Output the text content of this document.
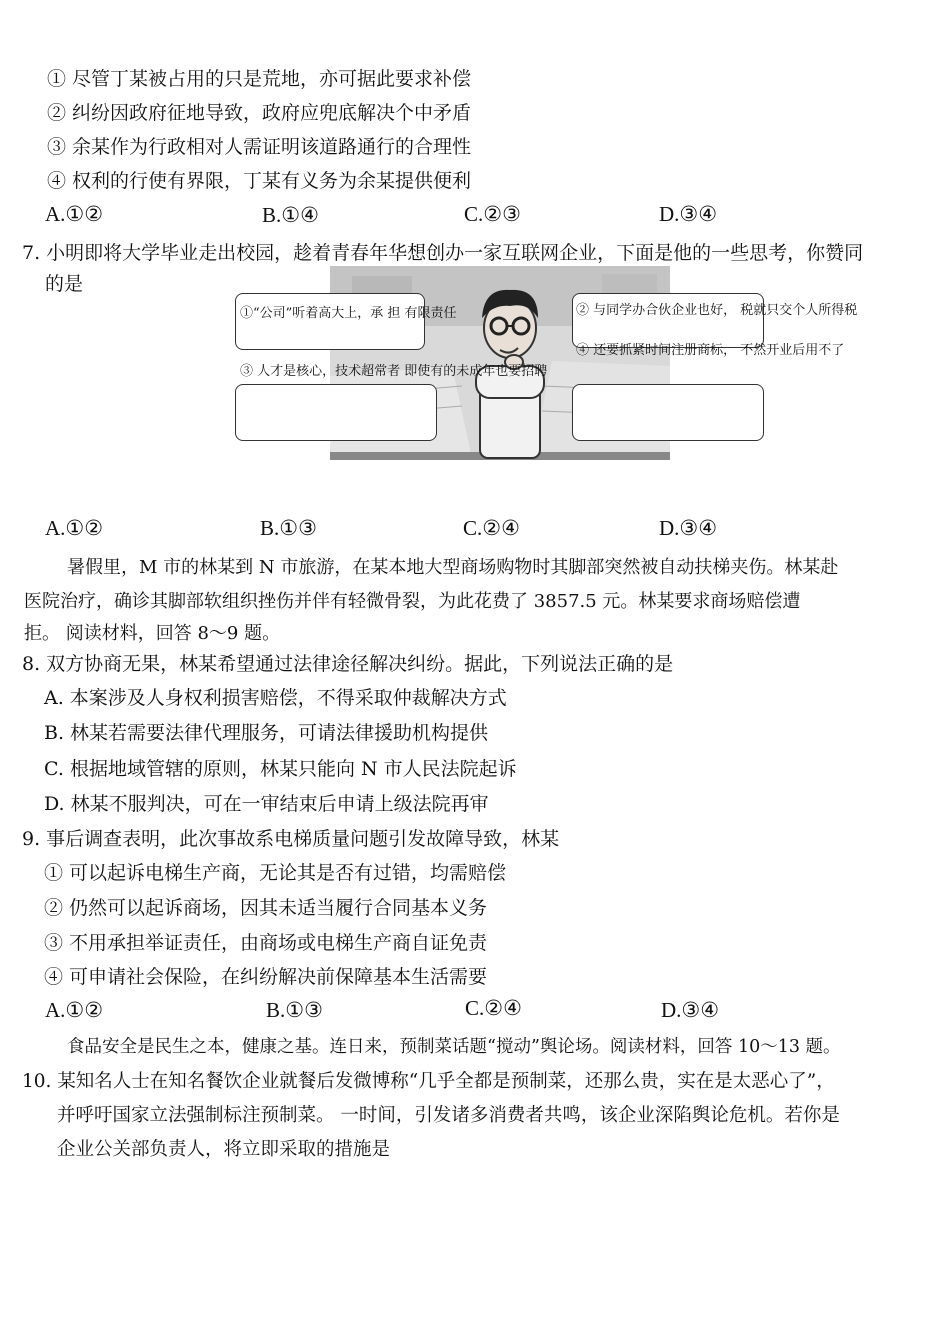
① 尽管丁某被占用的只是荒地，亦可据此要求补偿
② 纠纷因政府征地导致，政府应兜底解决个中矛盾
③ 余某作为行政相对人需证明该道路通行的合理性
④ 权利的行使有界限，丁某有义务为余某提供便利
A.①②	B.①④	C.②③	D.③④
7. 小明即将大学毕业走出校园，趁着青春年华想创办一家互联网企业，下面是他的一些思考，你赞同
的是
①“公司”听着高大上，承 担 有限责任	② 与同学办合伙企业也好， 税就只交个人所得税
③ 人才是核心，技术超常者 即使有的未成年也要招聘
④ 还要抓紧时间注册商标， 不然开业后用不了
A.①②	B.①③	C.②④	D.③④
暑假里，M 市的林某到 N 市旅游，在某本地大型商场购物时其脚部突然被自动扶梯夹伤。林某赴
医院治疗，确诊其脚部软组织挫伤并伴有轻微骨裂，为此花费了 3857.5 元。林某要求商场赔偿遭
拒。 阅读材料，回答 8～9 题。
8. 双方协商无果，林某希望通过法律途径解决纠纷。据此，下列说法正确的是
A. 本案涉及人身权利损害赔偿，不得采取仲裁解决方式
B. 林某若需要法律代理服务，可请法律援助机构提供
C. 根据地域管辖的原则，林某只能向 N 市人民法院起诉
D. 林某不服判决，可在一审结束后申请上级法院再审
9. 事后调查表明，此次事故系电梯质量问题引发故障导致，林某
① 可以起诉电梯生产商，无论其是否有过错，均需赔偿
② 仍然可以起诉商场，因其未适当履行合同基本义务
③ 不用承担举证责任，由商场或电梯生产商自证免责
④ 可申请社会保险，在纠纷解决前保障基本生活需要
A.①②	B.①③	C.②④	D.③④
食品安全是民生之本，健康之基。连日来，预制菜话题“搅动”舆论场。阅读材料，回答 10～13 题。
10. 某知名人士在知名餐饮企业就餐后发微博称“几乎全都是预制菜，还那么贵，实在是太恶心了”，
并呼吁国家立法强制标注预制菜。 一时间，引发诸多消费者共鸣，该企业深陷舆论危机。若你是
企业公关部负责人，将立即采取的措施是
